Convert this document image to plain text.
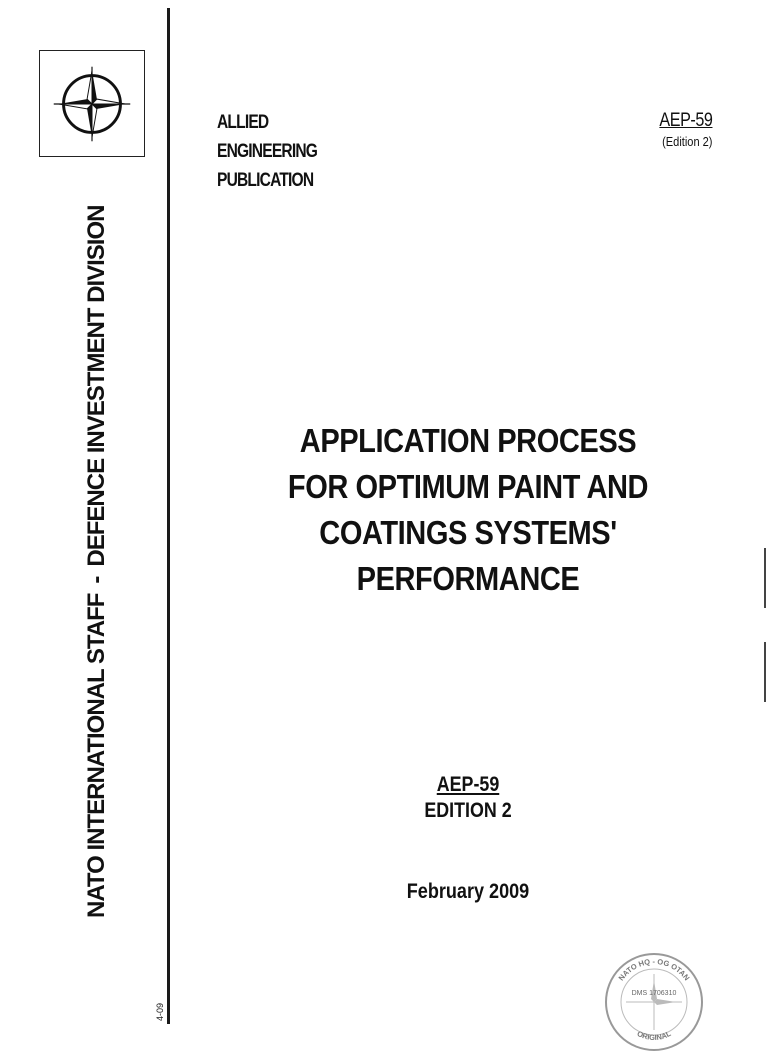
NATO INTERNATIONAL STAFF-DEFENCE INVESTMENT DIVISION
4-09
ALLIED
ENGINEERING
PUBLICATION
AEP-59
(Edition 2)
APPLICATION PROCESS
FOR OPTIMUM PAINT AND
COATINGS SYSTEMS'
PERFORMANCE
AEP-59
EDITION 2
February 2009
NATO HQ - OG OTAN
DMS 1706310
ORIGINAL
